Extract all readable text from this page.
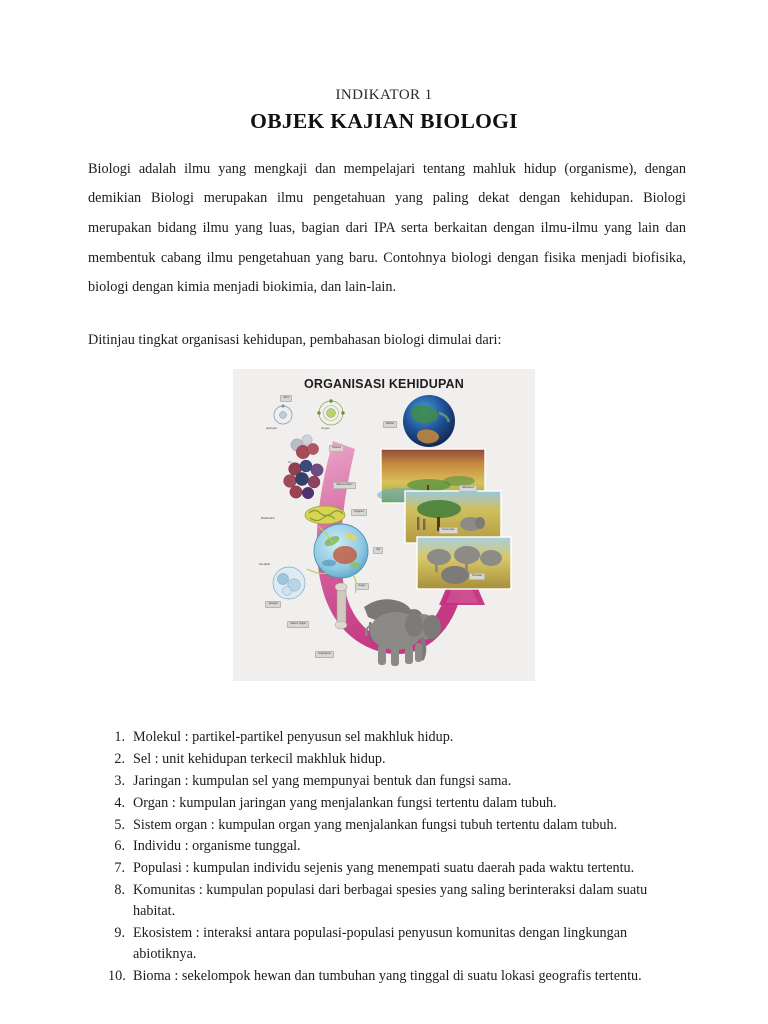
INDIKATOR 1
OBJEK KAJIAN BIOLOGI

Biologi adalah ilmu yang mengkaji dan mempelajari tentang mahluk hidup (organisme), dengan demikian Biologi merupakan ilmu pengetahuan yang paling dekat dengan kehidupan. Biologi merupakan bidang ilmu yang luas, bagian dari IPA serta berkaitan dengan ilmu-ilmu yang lain dan membentuk cabang ilmu pengetahuan yang baru. Contohnya biologi dengan fisika menjadi biofisika, biologi dengan kimia menjadi biokimia, dan lain-lain.

Ditinjau tingkat organisasi kehidupan, pembahasan biologi dimulai dari:

ORGANISASI KEHIDUPAN
Atom
Hydrogen	Oxygen
Ion
Molekul
Makromolekul
Mitokondria
Organel
Sel
Sel darah
Jaringan
Organ
Sistem Organ
Organisme
Populasi
Komunitas
Ekosistem
Biosfer
1. Molekul : partikel-partikel penyusun sel makhluk hidup.
2. Sel : unit kehidupan terkecil makhluk hidup.
3. Jaringan : kumpulan sel yang mempunyai bentuk dan fungsi sama.
4. Organ : kumpulan jaringan yang menjalankan fungsi tertentu dalam tubuh.
5. Sistem organ : kumpulan organ yang menjalankan fungsi tubuh tertentu dalam tubuh.
6. Individu : organisme tunggal.
7. Populasi : kumpulan individu sejenis yang menempati suatu daerah pada waktu tertentu.
8. Komunitas : kumpulan populasi dari berbagai spesies yang saling berinteraksi dalam suatu habitat.
9. Ekosistem : interaksi antara populasi-populasi penyusun komunitas dengan lingkungan abiotiknya.
10. Bioma : sekelompok hewan dan tumbuhan yang tinggal di suatu lokasi geografis tertentu.
